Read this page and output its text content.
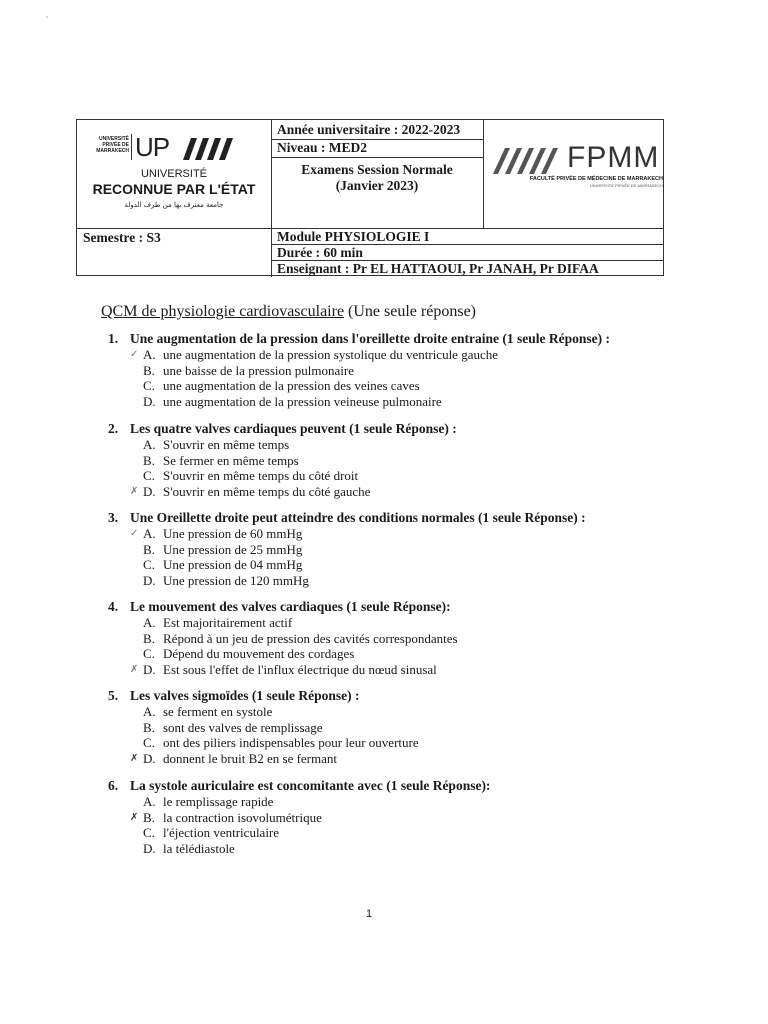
UNIVERSITÉ PRIVÉE DE MARRAKECH UP
UNIVERSITÉ
RECONNUE PAR L'ÉTAT
جامعة معترف بها من طرف الدولة
Année universitaire : 2022-2023
Niveau : MED2
Examens Session Normale
(Janvier 2023)
FPMM
FACULTÉ PRIVÉE DE MÉDECINE DE MARRAKECH
UNIVERSITÉ PRIVÉE DE MARRAKECH
Semestre : S3	Module PHYSIOLOGIE I
Durée : 60 min
Enseignant : Pr EL HATTAOUI, Pr JANAH, Pr DIFAA
QCM de physiologie cardiovasculaire (Une seule réponse)
1. Une augmentation de la pression dans l'oreillette droite entraine (1 seule Réponse) :
✓ A. une augmentation de la pression systolique du ventricule gauche
B. une baisse de la pression pulmonaire
C. une augmentation de la pression des veines caves
D. une augmentation de la pression veineuse pulmonaire
2. Les quatre valves cardiaques peuvent (1 seule Réponse) :
A. S'ouvrir en même temps
B. Se fermer en même temps
C. S'ouvrir en même temps du côté droit
✗ D. S'ouvrir en même temps du côté gauche
3. Une Oreillette droite peut atteindre des conditions normales (1 seule Réponse) :
✓ A. Une pression de 60 mmHg
B. Une pression de 25 mmHg
C. Une pression de 04 mmHg
D. Une pression de 120 mmHg
4. Le mouvement des valves cardiaques (1 seule Réponse):
A. Est majoritairement actif
B. Répond à un jeu de pression des cavités correspondantes
C. Dépend du mouvement des cordages
✗ D. Est sous l'effet de l'influx électrique du nœud sinusal
5. Les valves sigmoïdes (1 seule Réponse) :
A. se ferment en systole
B. sont des valves de remplissage
C. ont des piliers indispensables pour leur ouverture
✗ D. donnent le bruit B2 en se fermant
6. La systole auriculaire est concomitante avec (1 seule Réponse):
A. le remplissage rapide
✗ B. la contraction isovolumétrique
C. l'éjection ventriculaire
D. la télédiastole
1
